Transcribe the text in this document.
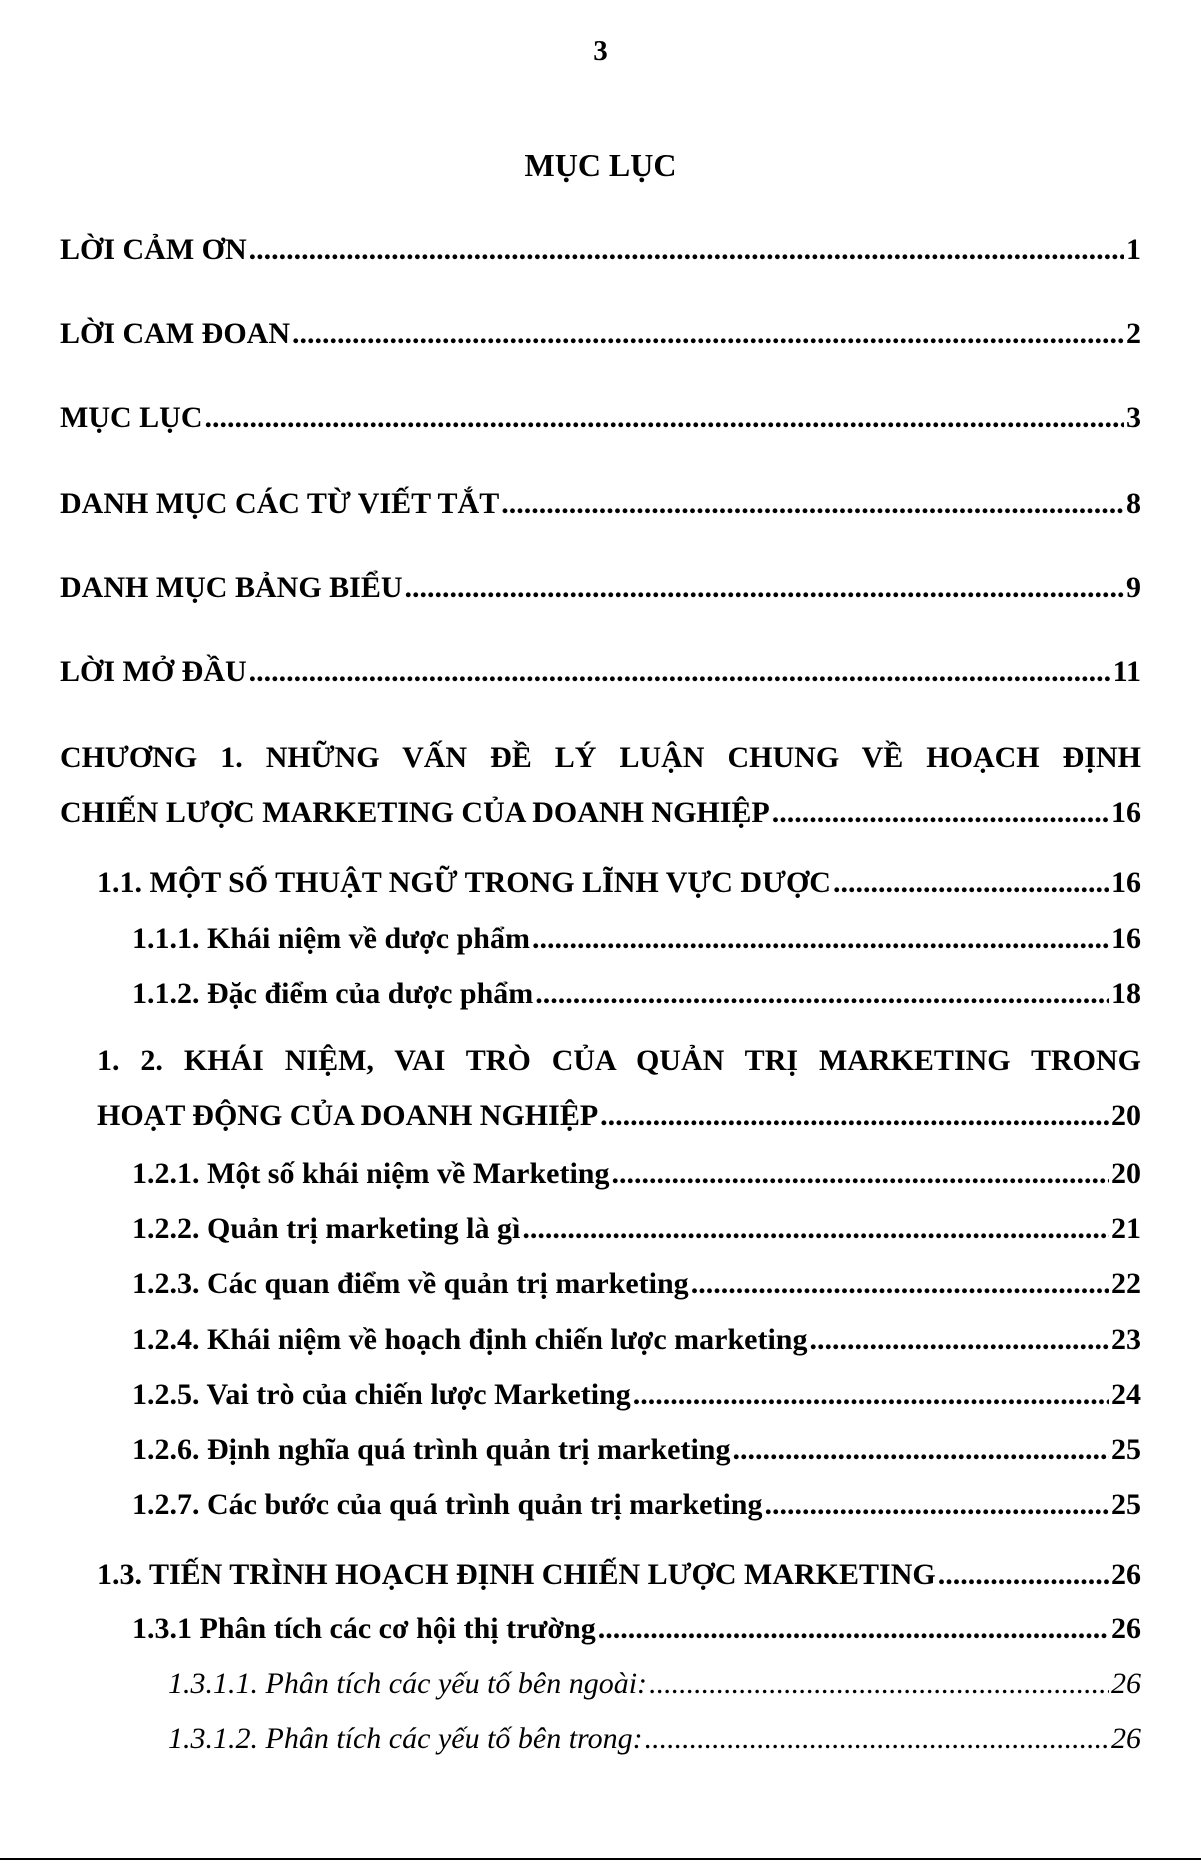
3
MỤC LỤC
LỜI CẢM ƠN .....	1
LỜI CAM ĐOAN .....	2
MỤC LỤC .....	3
DANH MỤC CÁC TỪ VIẾT TẮT .....	8
DANH MỤC BẢNG BIỂU .....	9
LỜI MỞ ĐẦU .....	11
CHƯƠNG 1. NHỮNG VẤN ĐỀ LÝ LUẬN CHUNG VỀ HOẠCH ĐỊNH
CHIẾN LƯỢC MARKETING CỦA DOANH NGHIỆP .....	16
1.1. MỘT SỐ THUẬT NGỮ TRONG LĨNH VỰC DƯỢC .....	16
1.1.1. Khái niệm về dược phẩm .....	16
1.1.2. Đặc điểm của dược phẩm .....	18
1. 2. KHÁI NIỆM, VAI TRÒ CỦA QUẢN TRỊ MARKETING TRONG
HOẠT ĐỘNG CỦA DOANH NGHIỆP .....	20
1.2.1. Một số khái niệm về Marketing .....	20
1.2.2. Quản trị marketing là gì .....	21
1.2.3. Các quan điểm về quản trị marketing .....	22
1.2.4. Khái niệm về hoạch định chiến lược marketing .....	23
1.2.5. Vai trò của chiến lược Marketing .....	24
1.2.6. Định nghĩa quá trình quản trị marketing .....	25
1.2.7. Các bước của quá trình quản trị marketing .....	25
1.3. TIẾN TRÌNH HOẠCH ĐỊNH CHIẾN LƯỢC MARKETING .....	26
1.3.1 Phân tích các cơ hội thị trường .....	26
1.3.1.1. Phân tích các yếu tố bên ngoài: .....	26
1.3.1.2. Phân tích các yếu tố bên trong: .....	26
